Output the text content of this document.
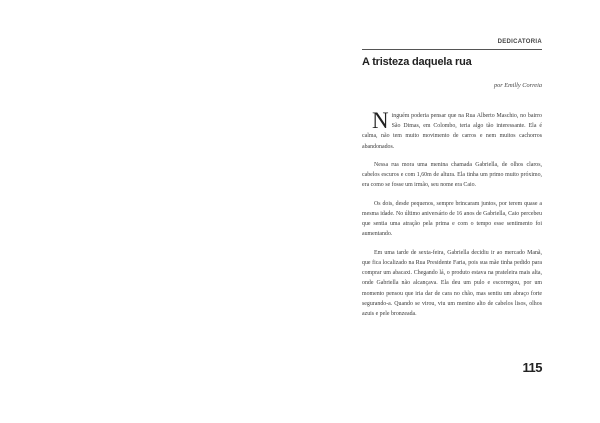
DEDICATORIA
A tristeza daquela rua
por Emilly Correia

Ninguém poderia pensar que na Rua Alberto Maschio, no bairro São Dimas, em Colombo, teria algo tão interessante. Ela é calma, não tem muito movimento de carros e nem muitos cachorros abandonados.

Nessa rua mora uma menina chamada Gabriella, de olhos claros, cabelos escuros e com 1,60m de altura. Ela tinha um primo muito próximo, era como se fosse um irmão, seu nome era Caio.

Os dois, desde pequenos, sempre brincaram juntos, por terem quase a mesma idade. No último aniversário de 16 anos de Gabriella, Caio percebeu que sentia uma atração pela prima e com o tempo esse sentimento foi aumentando.

Em uma tarde de sexta-feira, Gabriella decidiu ir ao mercado Manã, que fica localizado na Rua Presidente Faria, pois sua mãe tinha pedido para comprar um abacaxi. Chegando lá, o produto estava na prateleira mais alta, onde Gabriella não alcançava. Ela deu um pulo e escorregou, por um momento pensou que iria dar de cara no chão, mas sentiu um abraço forte segurando-a. Quando se virou, viu um menino alto de cabelos lisos, olhos azuis e pele bronzeada.

115
